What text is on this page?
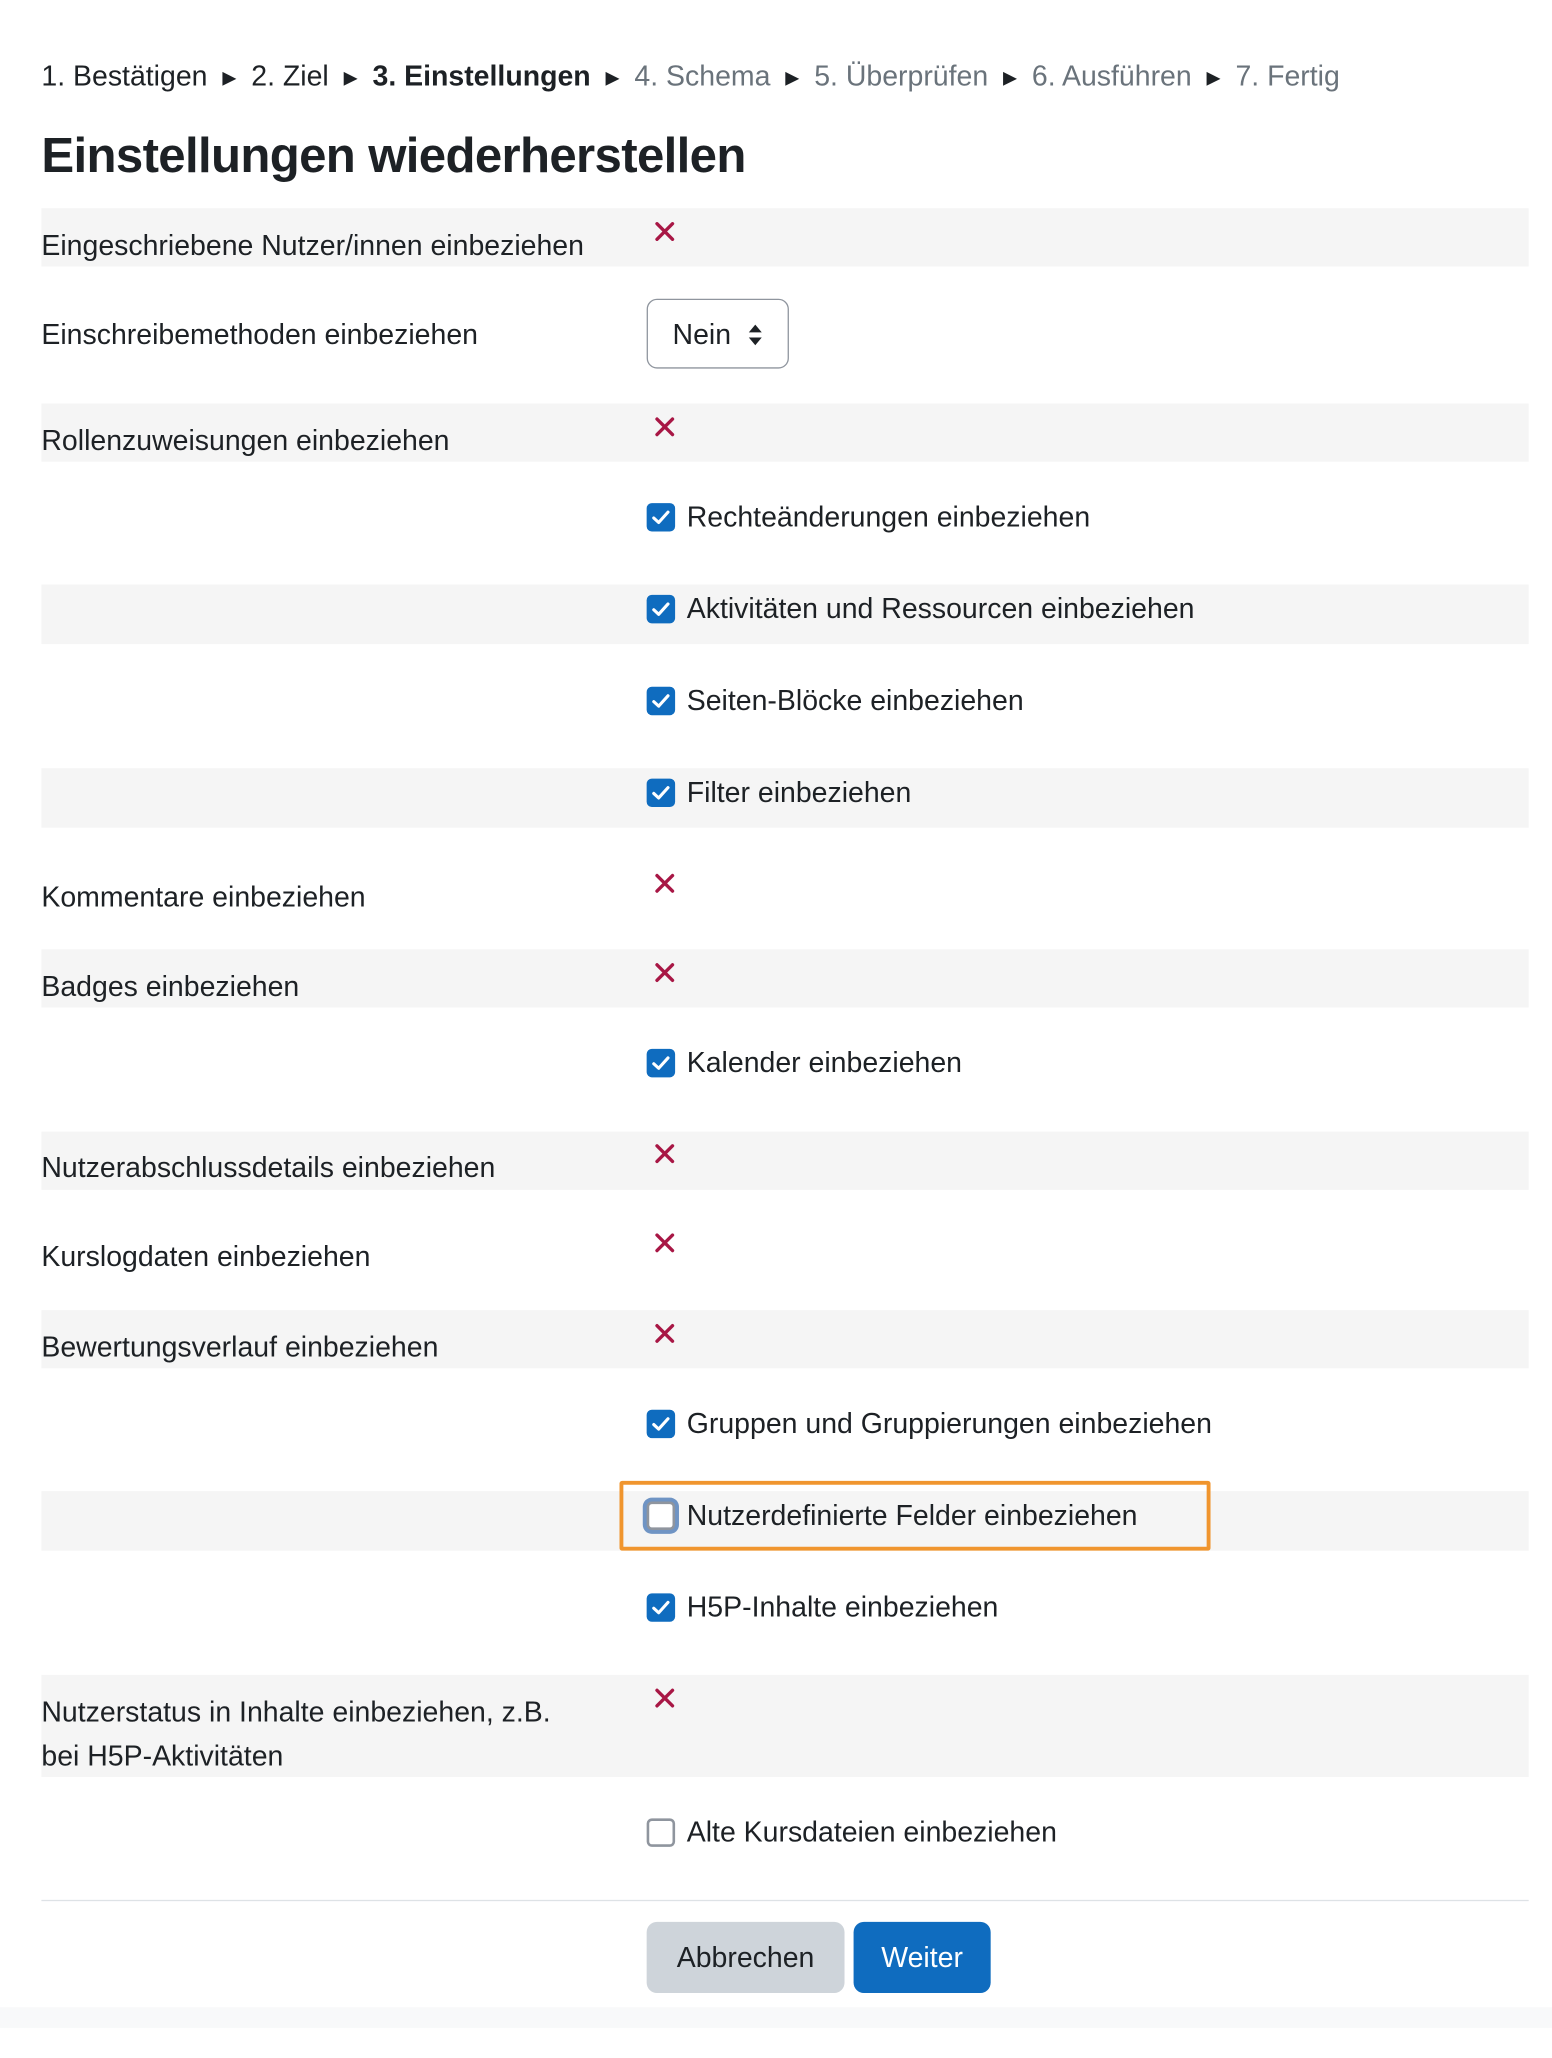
1. Bestätigen ► 2. Ziel ► 3. Einstellungen ► 4. Schema ► 5. Überprüfen ► 6. Ausführen ► 7. Fertig
Einstellungen wiederherstellen
Eingeschriebene Nutzer/innen einbeziehen
Einschreibemethoden einbeziehen	Nein
Rollenzuweisungen einbeziehen
Rechteänderungen einbeziehen
Aktivitäten und Ressourcen einbeziehen
Seiten-Blöcke einbeziehen
Filter einbeziehen
Kommentare einbeziehen
Badges einbeziehen
Kalender einbeziehen
Nutzerabschlussdetails einbeziehen
Kurslogdaten einbeziehen
Bewertungsverlauf einbeziehen
Gruppen und Gruppierungen einbeziehen
Nutzerdefinierte Felder einbeziehen
H5P-Inhalte einbeziehen
Nutzerstatus in Inhalte einbeziehen, z.B.
bei H5P-Aktivitäten
Alte Kursdateien einbeziehen
Abbrechen	Weiter
